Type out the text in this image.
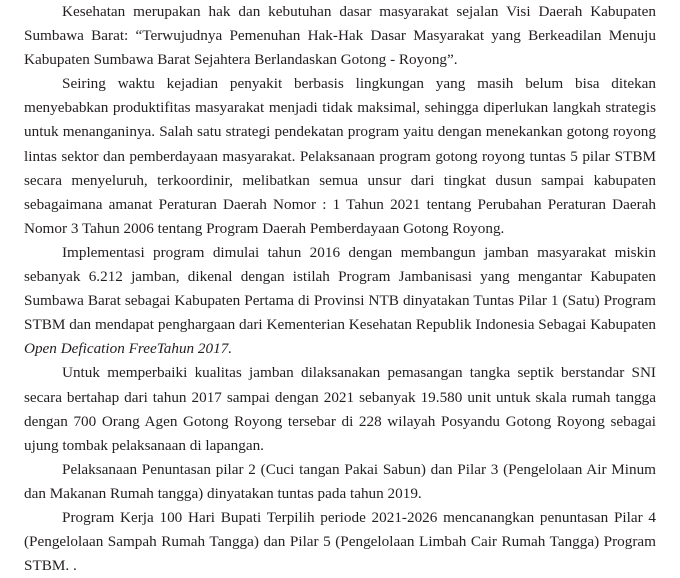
Kesehatan merupakan hak dan kebutuhan dasar masyarakat sejalan Visi Daerah Kabupaten Sumbawa Barat: “Terwujudnya Pemenuhan Hak-Hak Dasar Masyarakat yang Berkeadilan Menuju Kabupaten Sumbawa Barat Sejahtera Berlandaskan Gotong - Royong”.

Seiring waktu kejadian penyakit berbasis lingkungan yang masih belum bisa ditekan menyebabkan produktifitas masyarakat menjadi tidak maksimal, sehingga diperlukan langkah strategis untuk menanganinya. Salah satu strategi pendekatan program yaitu dengan menekankan gotong royong lintas sektor dan pemberdayaan masyarakat. Pelaksanaan program gotong royong tuntas 5 pilar STBM secara menyeluruh, terkoordinir, melibatkan semua unsur dari tingkat dusun sampai kabupaten sebagaimana amanat Peraturan Daerah Nomor : 1 Tahun 2021 tentang Perubahan Peraturan Daerah Nomor 3 Tahun 2006 tentang Program Daerah Pemberdayaan Gotong Royong.

Implementasi program dimulai tahun 2016 dengan membangun jamban masyarakat miskin sebanyak 6.212 jamban, dikenal dengan istilah Program Jambanisasi yang mengantar Kabupaten Sumbawa Barat sebagai Kabupaten Pertama di Provinsi NTB dinyatakan Tuntas Pilar 1 (Satu) Program STBM dan mendapat penghargaan dari Kementerian Kesehatan Republik Indonesia Sebagai Kabupaten Open Defication FreeTahun 2017.

Untuk memperbaiki kualitas jamban dilaksanakan pemasangan tangka septik berstandar SNI secara bertahap dari tahun 2017 sampai dengan 2021 sebanyak 19.580 unit untuk skala rumah tangga dengan 700 Orang Agen Gotong Royong tersebar di 228 wilayah Posyandu Gotong Royong sebagai ujung tombak pelaksanaan di lapangan.

Pelaksanaan Penuntasan pilar 2 (Cuci tangan Pakai Sabun) dan Pilar 3 (Pengelolaan Air Minum dan Makanan Rumah tangga) dinyatakan tuntas pada tahun 2019.

Program Kerja 100 Hari Bupati Terpilih periode 2021-2026 mencanangkan penuntasan Pilar 4 (Pengelolaan Sampah Rumah Tangga) dan Pilar 5 (Pengelolaan Limbah Cair Rumah Tangga) Program STBM. .
